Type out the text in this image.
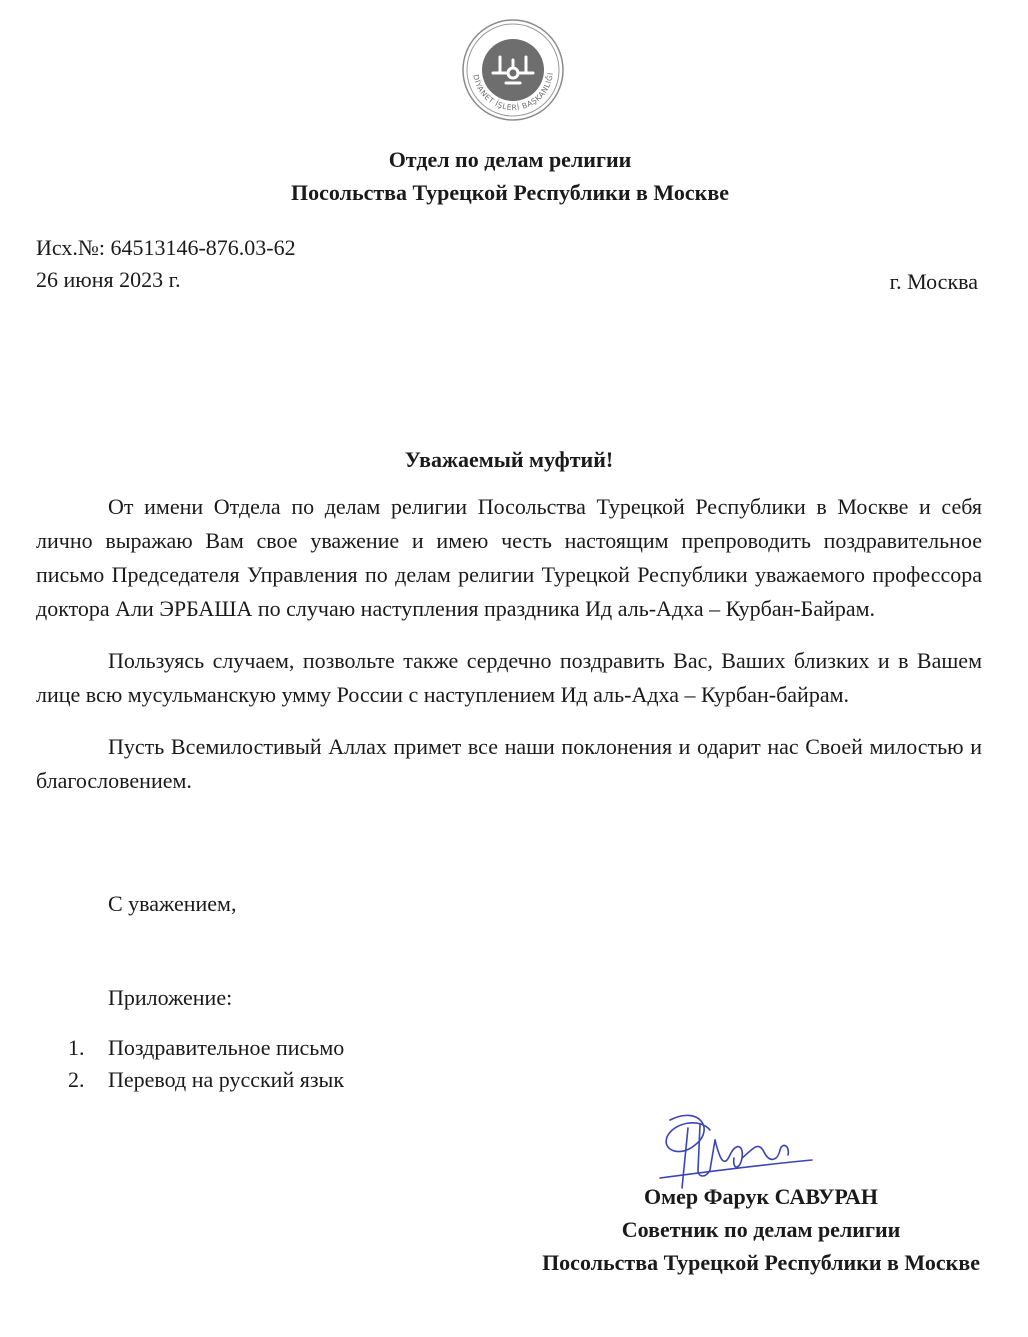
DİYANET İŞLERİ BAŞKANLIĞI
Отдел по делам религии
Посольства Турецкой Республики в Москве
Исх.№: 64513146-876.03-62
26 июня 2023 г.	г. Москва
Уважаемый муфтий!

От имени Отдела по делам религии Посольства Турецкой Республики в Москве и себя лично выражаю Вам свое уважение и имею честь настоящим препроводить поздравительное письмо Председателя Управления по делам религии Турецкой Республики уважаемого профессора доктора Али ЭРБАША по случаю наступления праздника Ид аль-Адха – Курбан-Байрам.

Пользуясь случаем, позвольте также сердечно поздравить Вас, Ваших близких и в Вашем лице всю мусульманскую умму России с наступлением Ид аль-Адха – Курбан-байрам.

Пусть Всемилостивый Аллах примет все наши поклонения и одарит нас Своей милостью и благословением.

С уважением,
Приложение:
1. Поздравительное письмо
2. Перевод на русский язык
Омер Фарук САВУРАН
Советник по делам религии
Посольства Турецкой Республики в Москве
